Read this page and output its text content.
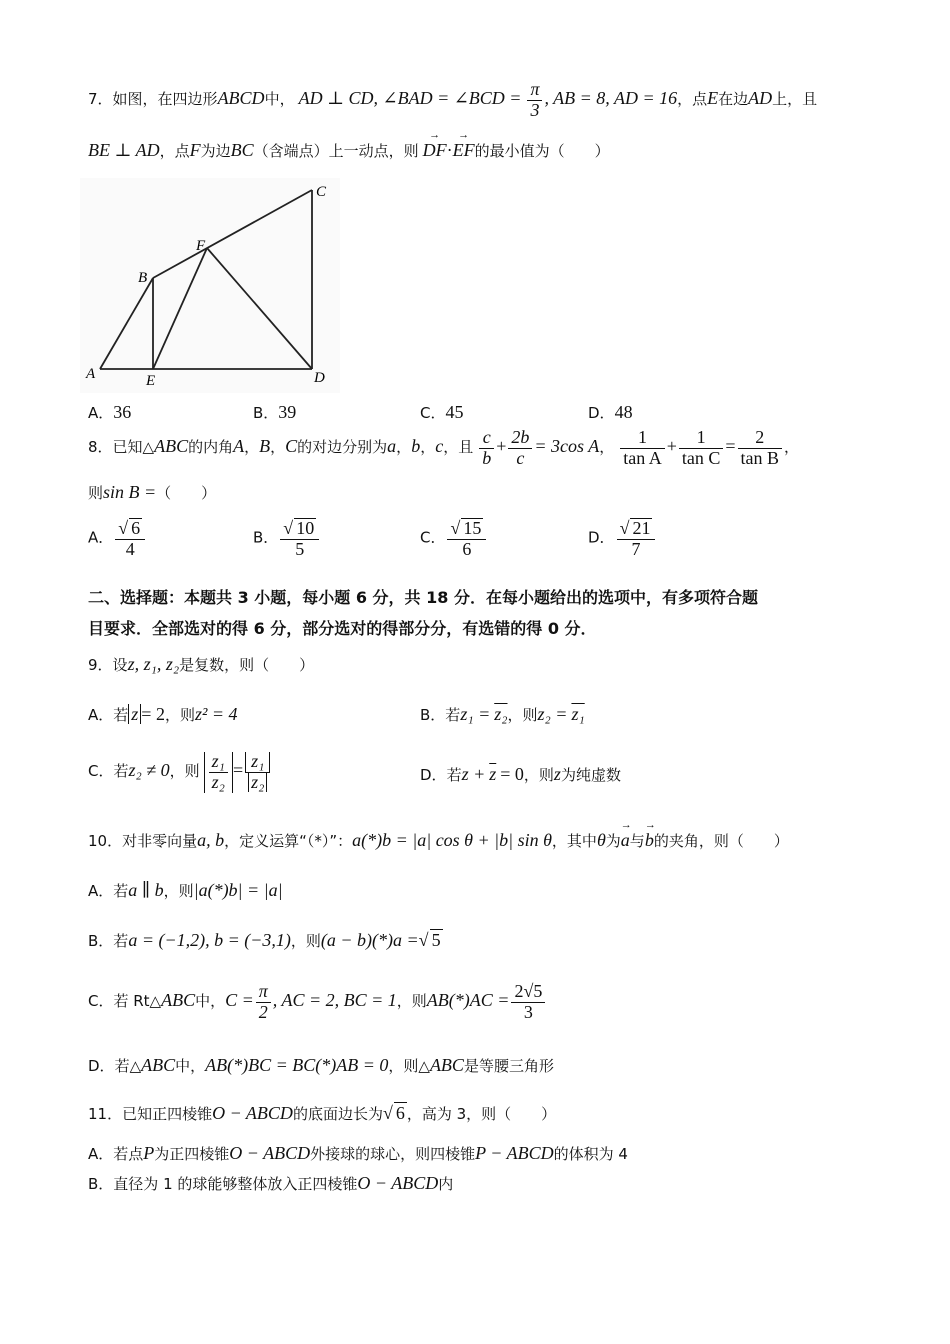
7．如图，在四边形ABCD中， AD ⊥ CD, ∠BAD = ∠BCD = $\frac{\pi}{3}$ , AB = 8, AD = 16，点E在边AD上，且
BE ⊥ AD，点F为边BC（含端点）上一动点，则 → DF·→ EF的最小值为（　　）
A
B
C
D
E
F
A．36	B．39	C．45	D．48
8．已知△ABC的内角A，B，C的对边分别为a，b，c，且 $\frac{c}{b} + \frac{2b}{c} = 3\cos$ A， $\frac{1}{\text{tan A}} + \frac{1}{\text{tan C}} = \frac{2}{\text{tan B}}$ ，
则sin B =（　　）
A． $\frac{√ 6}{4}$	B． $\frac{√ 10}{5}$	C． $\frac{√ 15}{6}$	D． $\frac{√ 21}{7}$
二、选择题：本题共 3 小题，每小题 6 分，共 18 分．在每小题给出的选项中，有多项符合题
目要求．全部选对的得 6 分，部分选对的得部分分，有选错的得 0 分．
9．设z, z₁, z₂是复数，则（　　）
A．若 z = 2，则z² = 4	B．若z₁ = z₂，则z₂ = z₁
C．若z₂ ≠ 0，则 $\frac{\text{z₁}}{\text{z₂}} = \frac{\text{z₁}}{\text{z₂}}$	D．若$z + \overline{z} = 0$，则z为纯虚数
10．对非零向量a, b，定义运算“（*）”：a(*)b = |a| cos θ + |b| sin θ，其中θ为→ a与→ b的夹角，则（　　）
A．若a ∥ b，则|a(*)b| = |a|
B．若a = (−1,2), b = (−3,1)，则(a − b)(*)a =√ 5
C．若 Rt△ABC中，$C = \frac{\pi}{2}$ , AC = 2, BC = 1，则$AB(*)AC = \frac{2√5}{3}$
D．若△ABC中，AB(*)BC = BC(*)AB = 0，则△ABC是等腰三角形
11．已知正四棱锥O − ABCD的底面边长为√ 6 ，高为 3，则（　　）
A．若点P为正四棱锥O − ABCD外接球的球心，则四棱锥P − ABCD的体积为 4
B．直径为 1 的球能够整体放入正四棱锥O − ABCD内
